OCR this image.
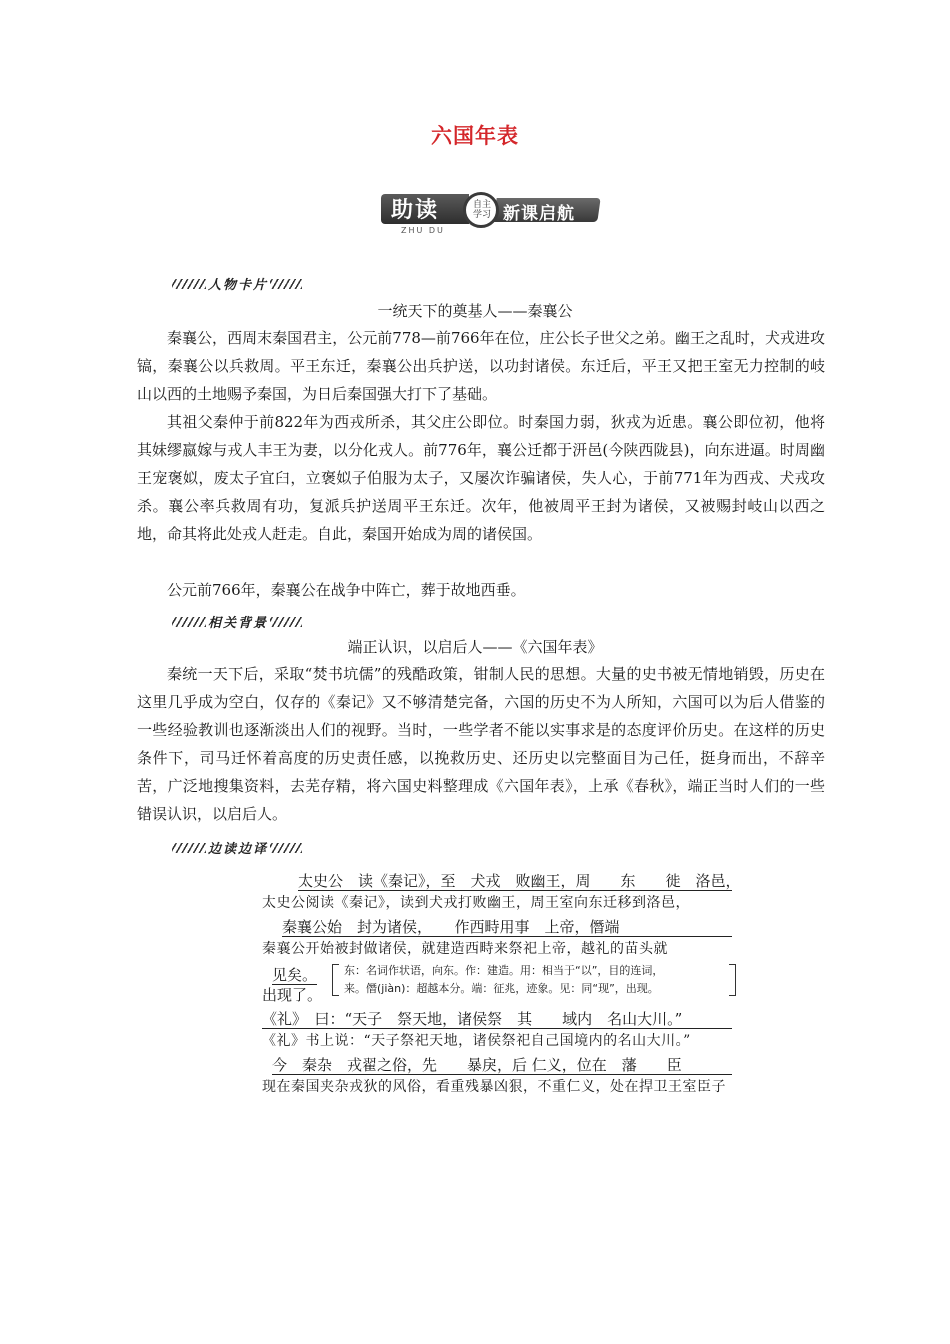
六国年表
助读
ZHU DU
自主学习 新课启航
人物卡片
一统天下的奠基人——秦襄公

秦襄公，西周末秦国君主，公元前778—前766年在位，庄公长子世父之弟。幽王之乱时，犬戎进攻镐，秦襄公以兵救周。平王东迁，秦襄公出兵护送，以功封诸侯。东迁后，平王又把王室无力控制的岐山以西的土地赐予秦国，为日后秦国强大打下了基础。

其祖父秦仲于前822年为西戎所杀，其父庄公即位。时秦国力弱，狄戎为近患。襄公即位初，他将其妹缪嬴嫁与戎人丰王为妻，以分化戎人。前776年，襄公迁都于汧邑(今陕西陇县)，向东进逼。时周幽王宠褒姒，废太子宜臼，立褒姒子伯服为太子，又屡次诈骗诸侯，失人心，于前771年为西戎、犬戎攻杀。襄公率兵救周有功，复派兵护送周平王东迁。次年，他被周平王封为诸侯，又被赐封岐山以西之地，命其将此处戎人赶走。自此，秦国开始成为周的诸侯国。

公元前766年，秦襄公在战争中阵亡，葬于故地西垂。

相关背景
端正认识，以启后人——《六国年表》

秦统一天下后，采取“焚书坑儒”的残酷政策，钳制人民的思想。大量的史书被无情地销毁，历史在这里几乎成为空白，仅存的《秦记》又不够清楚完备，六国的历史不为人所知，六国可以为后人借鉴的一些经验教训也逐渐淡出人们的视野。当时，一些学者不能以实事求是的态度评价历史。在这样的历史条件下，司马迁怀着高度的历史责任感，以挽救历史、还历史以完整面目为己任，挺身而出，不辞辛苦，广泛地搜集资料，去芜存精，将六国史料整理成《六国年表》，上承《春秋》，端正当时人们的一些错误认识，以启后人。

边读边译
太史公　读《秦记》，至　犬戎　败幽王，周　　东　　徙　洛邑，
太史公阅读《秦记》，读到犬戎打败幽王，周王室向东迁移到洛邑，
秦襄公始　封为诸侯，　　作西畤用事　上帝，僭端
秦襄公开始被封做诸侯，就建造西畤来祭祀上帝，越礼的苗头就
见矣。
出现了。
东：名词作状语，向东。作：建造。用：相当于“以”，目的连词，
来。僭(jiàn)：超越本分。端：征兆，迹象。见：同“现”，出现。
《礼》　曰：“天子　祭天地，诸侯祭　其　　域内　名山大川。”
《礼》书上说：“天子祭祀天地，诸侯祭祀自己国境内的名山大川。”
今　秦杂　戎翟之俗，先　　暴戾，后 仁义，位在　藩　　臣
现在秦国夹杂戎狄的风俗，看重残暴凶狠，不重仁义，处在捍卫王室臣子
